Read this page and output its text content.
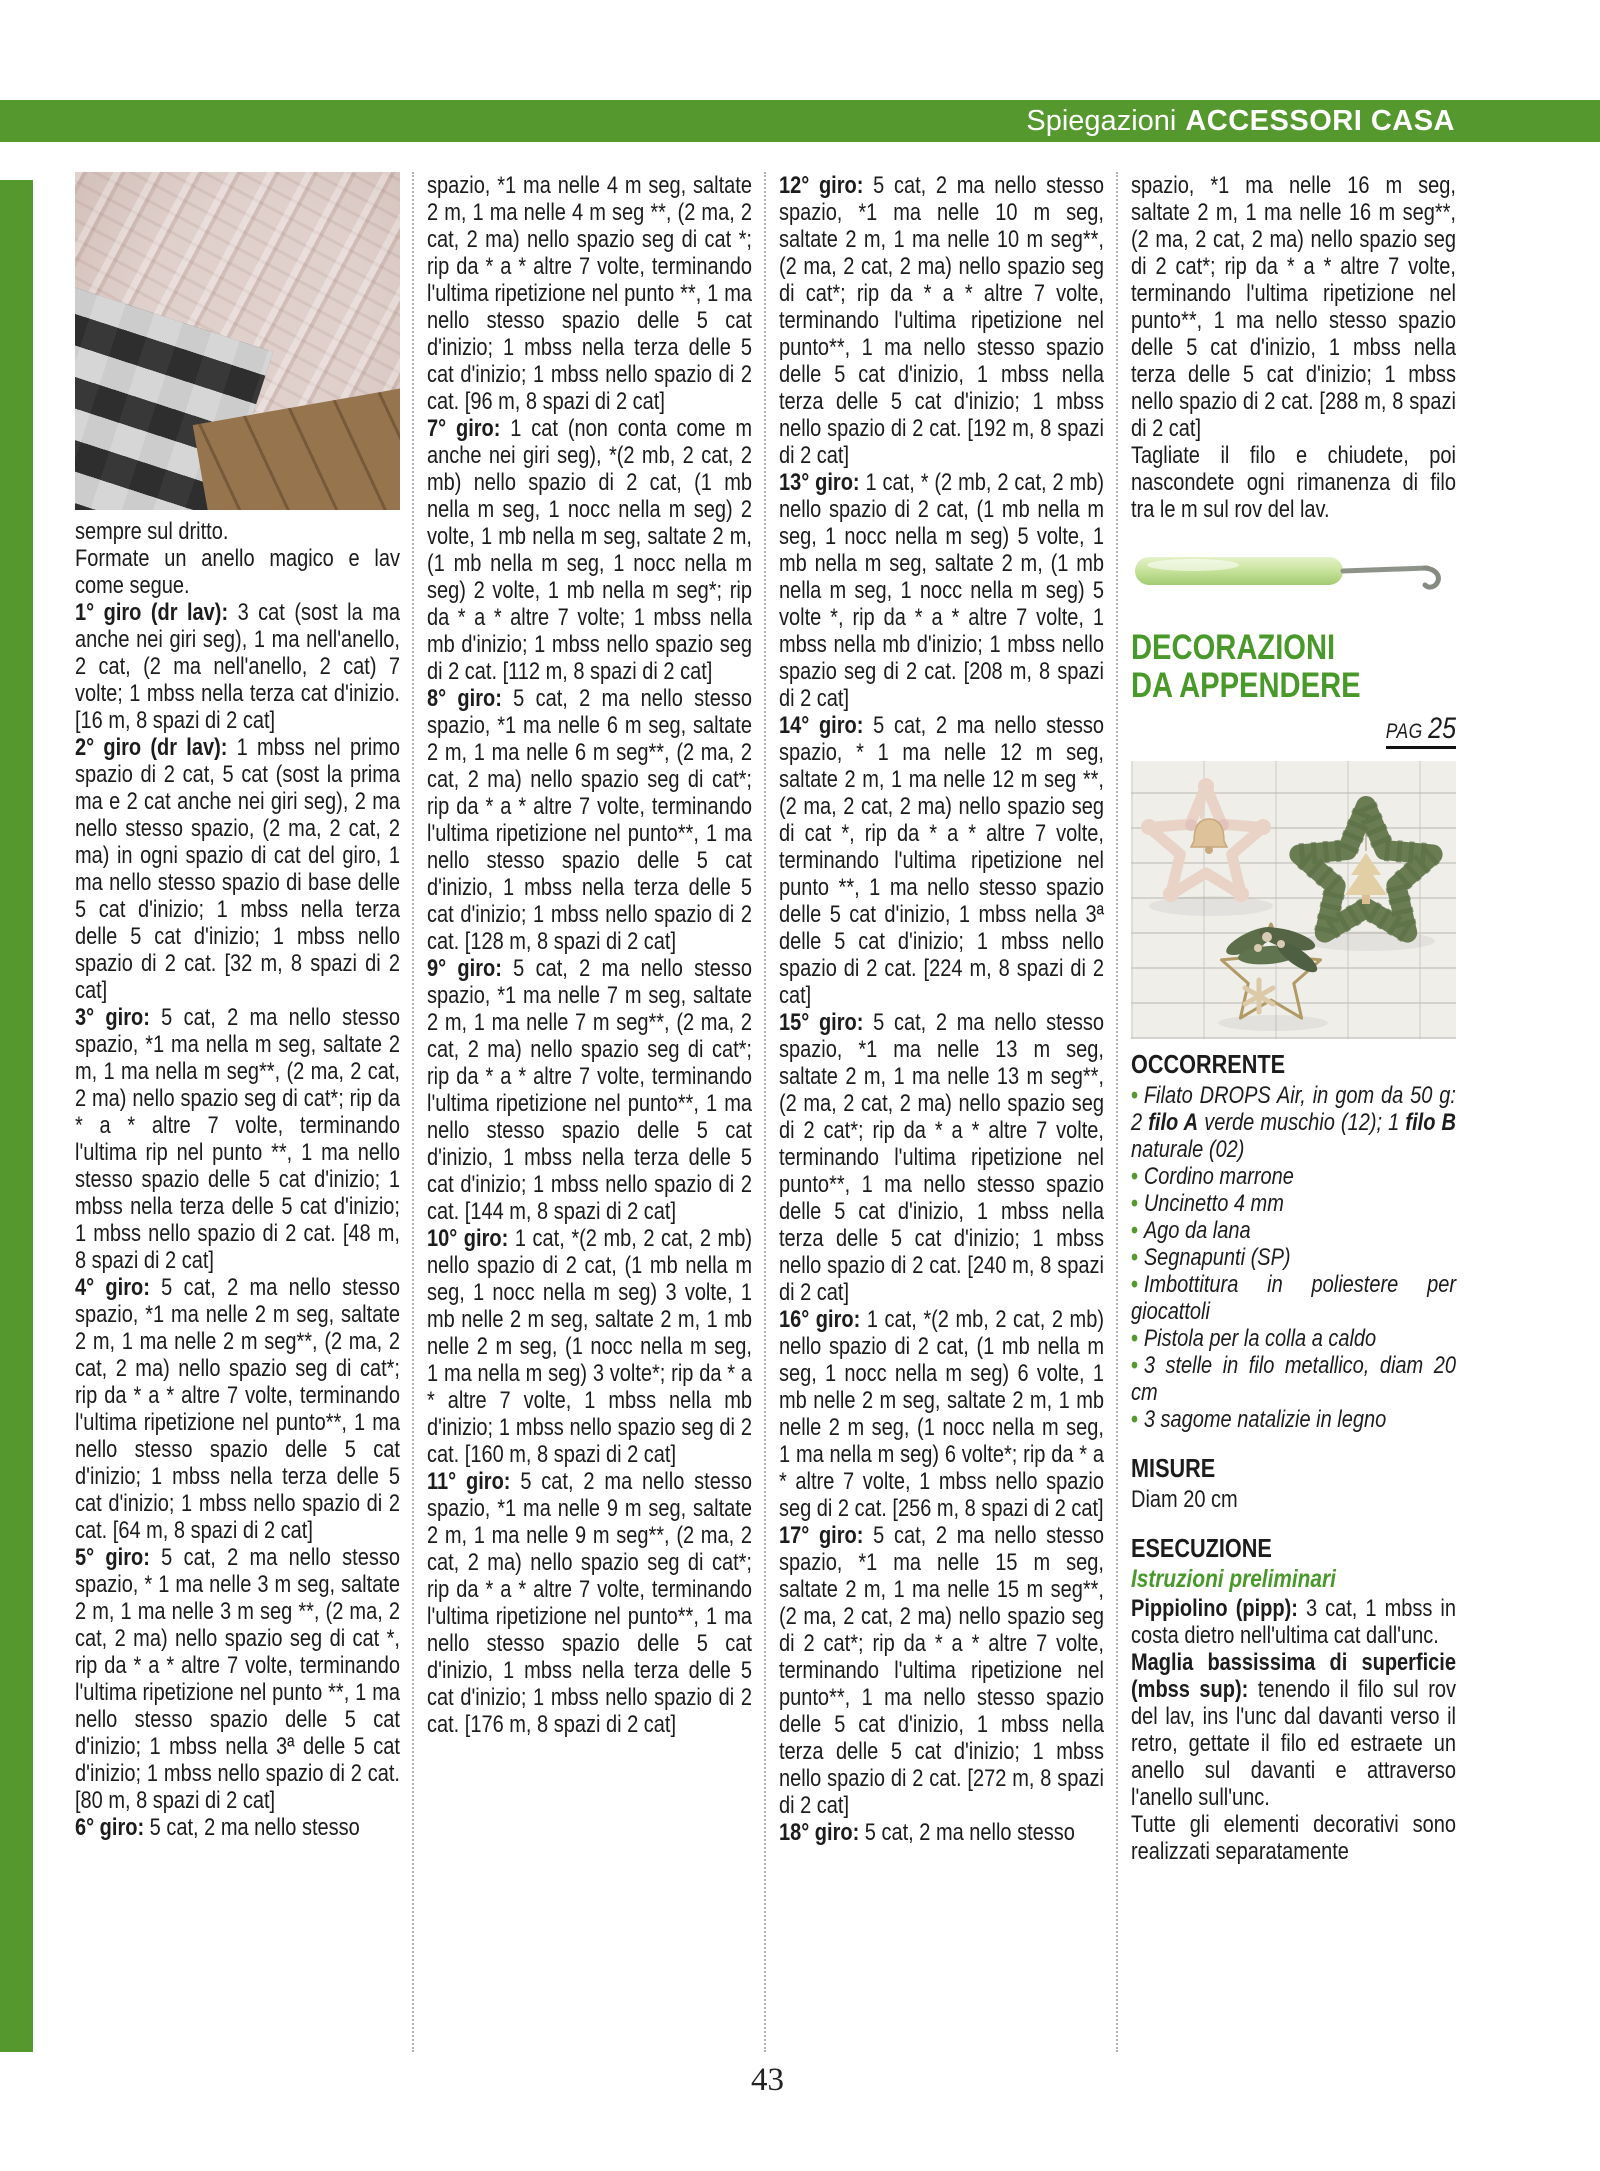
Spiegazioni ACCESSORI CASA

sempre sul dritto.

Formate un anello magico e lav come segue.

1° giro (dr lav): 3 cat (sost la ma anche nei giri seg), 1 ma nell'anello, 2 cat, (2 ma nell'anello, 2 cat) 7 volte; 1 mbss nella terza cat d'inizio. [16 m, 8 spazi di 2 cat]

2° giro (dr lav): 1 mbss nel primo spazio di 2 cat, 5 cat (sost la prima ma e 2 cat anche nei giri seg), 2 ma nello stesso spazio, (2 ma, 2 cat, 2 ma) in ogni spazio di cat del giro, 1 ma nello stesso spazio di base delle 5 cat d'inizio; 1 mbss nella terza delle 5 cat d'inizio; 1 mbss nello spazio di 2 cat. [32 m, 8 spazi di 2 cat]

3° giro: 5 cat, 2 ma nello stesso spazio, *1 ma nella m seg, saltate 2 m, 1 ma nella m seg**, (2 ma, 2 cat, 2 ma) nello spazio seg di cat*; rip da * a * altre 7 volte, terminando l'ultima rip nel punto **, 1 ma nello stesso spazio delle 5 cat d'inizio; 1 mbss nella terza delle 5 cat d'inizio; 1 mbss nello spazio di 2 cat. [48 m, 8 spazi di 2 cat]

4° giro: 5 cat, 2 ma nello stesso spazio, *1 ma nelle 2 m seg, saltate 2 m, 1 ma nelle 2 m seg**, (2 ma, 2 cat, 2 ma) nello spazio seg di cat*; rip da * a * altre 7 volte, terminando l'ultima ripetizione nel punto**, 1 ma nello stesso spazio delle 5 cat d'inizio; 1 mbss nella terza delle 5 cat d'inizio; 1 mbss nello spazio di 2 cat. [64 m, 8 spazi di 2 cat]

5° giro: 5 cat, 2 ma nello stesso spazio, * 1 ma nelle 3 m seg, saltate 2 m, 1 ma nelle 3 m seg **, (2 ma, 2 cat, 2 ma) nello spazio seg di cat *, rip da * a * altre 7 volte, terminando l'ultima ripetizione nel punto **, 1 ma nello stesso spazio delle 5 cat d'inizio; 1 mbss nella 3ª delle 5 cat d'inizio; 1 mbss nello spazio di 2 cat. [80 m, 8 spazi di 2 cat]

6° giro: 5 cat, 2 ma nello stesso

spazio, *1 ma nelle 4 m seg, saltate 2 m, 1 ma nelle 4 m seg **, (2 ma, 2 cat, 2 ma) nello spazio seg di cat *; rip da * a * altre 7 volte, terminando l'ultima ripetizione nel punto **, 1 ma nello stesso spazio delle 5 cat d'inizio; 1 mbss nella terza delle 5 cat d'inizio; 1 mbss nello spazio di 2 cat. [96 m, 8 spazi di 2 cat]

7° giro: 1 cat (non conta come m anche nei giri seg), *(2 mb, 2 cat, 2 mb) nello spazio di 2 cat, (1 mb nella m seg, 1 nocc nella m seg) 2 volte, 1 mb nella m seg, saltate 2 m, (1 mb nella m seg, 1 nocc nella m seg) 2 volte, 1 mb nella m seg*; rip da * a * altre 7 volte; 1 mbss nella mb d'inizio; 1 mbss nello spazio seg di 2 cat. [112 m, 8 spazi di 2 cat]

8° giro: 5 cat, 2 ma nello stesso spazio, *1 ma nelle 6 m seg, saltate 2 m, 1 ma nelle 6 m seg**, (2 ma, 2 cat, 2 ma) nello spazio seg di cat*; rip da * a * altre 7 volte, terminando l'ultima ripetizione nel punto**, 1 ma nello stesso spazio delle 5 cat d'inizio, 1 mbss nella terza delle 5 cat d'inizio; 1 mbss nello spazio di 2 cat. [128 m, 8 spazi di 2 cat]

9° giro: 5 cat, 2 ma nello stesso spazio, *1 ma nelle 7 m seg, saltate 2 m, 1 ma nelle 7 m seg**, (2 ma, 2 cat, 2 ma) nello spazio seg di cat*; rip da * a * altre 7 volte, terminando l'ultima ripetizione nel punto**, 1 ma nello stesso spazio delle 5 cat d'inizio, 1 mbss nella terza delle 5 cat d'inizio; 1 mbss nello spazio di 2 cat. [144 m, 8 spazi di 2 cat]

10° giro: 1 cat, *(2 mb, 2 cat, 2 mb) nello spazio di 2 cat, (1 mb nella m seg, 1 nocc nella m seg) 3 volte, 1 mb nelle 2 m seg, saltate 2 m, 1 mb nelle 2 m seg, (1 nocc nella m seg, 1 ma nella m seg) 3 volte*; rip da * a * altre 7 volte, 1 mbss nella mb d'inizio; 1 mbss nello spazio seg di 2 cat. [160 m, 8 spazi di 2 cat]

11° giro: 5 cat, 2 ma nello stesso spazio, *1 ma nelle 9 m seg, saltate 2 m, 1 ma nelle 9 m seg**, (2 ma, 2 cat, 2 ma) nello spazio seg di cat*; rip da * a * altre 7 volte, terminando l'ultima ripetizione nel punto**, 1 ma nello stesso spazio delle 5 cat d'inizio, 1 mbss nella terza delle 5 cat d'inizio; 1 mbss nello spazio di 2 cat. [176 m, 8 spazi di 2 cat]

12° giro: 5 cat, 2 ma nello stesso spazio, *1 ma nelle 10 m seg, saltate 2 m, 1 ma nelle 10 m seg**, (2 ma, 2 cat, 2 ma) nello spazio seg di cat*; rip da * a * altre 7 volte, terminando l'ultima ripetizione nel punto**, 1 ma nello stesso spazio delle 5 cat d'inizio, 1 mbss nella terza delle 5 cat d'inizio; 1 mbss nello spazio di 2 cat. [192 m, 8 spazi di 2 cat]

13° giro: 1 cat, * (2 mb, 2 cat, 2 mb) nello spazio di 2 cat, (1 mb nella m seg, 1 nocc nella m seg) 5 volte, 1 mb nella m seg, saltate 2 m, (1 mb nella m seg, 1 nocc nella m seg) 5 volte *, rip da * a * altre 7 volte, 1 mbss nella mb d'inizio; 1 mbss nello spazio seg di 2 cat. [208 m, 8 spazi di 2 cat]

14° giro: 5 cat, 2 ma nello stesso spazio, * 1 ma nelle 12 m seg, saltate 2 m, 1 ma nelle 12 m seg **, (2 ma, 2 cat, 2 ma) nello spazio seg di cat *, rip da * a * altre 7 volte, terminando l'ultima ripetizione nel punto **, 1 ma nello stesso spazio delle 5 cat d'inizio, 1 mbss nella 3ª delle 5 cat d'inizio; 1 mbss nello spazio di 2 cat. [224 m, 8 spazi di 2 cat]

15° giro: 5 cat, 2 ma nello stesso spazio, *1 ma nelle 13 m seg, saltate 2 m, 1 ma nelle 13 m seg**, (2 ma, 2 cat, 2 ma) nello spazio seg di 2 cat*; rip da * a * altre 7 volte, terminando l'ultima ripetizione nel punto**, 1 ma nello stesso spazio delle 5 cat d'inizio, 1 mbss nella terza delle 5 cat d'inizio; 1 mbss nello spazio di 2 cat. [240 m, 8 spazi di 2 cat]

16° giro: 1 cat, *(2 mb, 2 cat, 2 mb) nello spazio di 2 cat, (1 mb nella m seg, 1 nocc nella m seg) 6 volte, 1 mb nelle 2 m seg, saltate 2 m, 1 mb nelle 2 m seg, (1 nocc nella m seg, 1 ma nella m seg) 6 volte*; rip da * a * altre 7 volte, 1 mbss nello spazio seg di 2 cat. [256 m, 8 spazi di 2 cat]

17° giro: 5 cat, 2 ma nello stesso spazio, *1 ma nelle 15 m seg, saltate 2 m, 1 ma nelle 15 m seg**, (2 ma, 2 cat, 2 ma) nello spazio seg di 2 cat*; rip da * a * altre 7 volte, terminando l'ultima ripetizione nel punto**, 1 ma nello stesso spazio delle 5 cat d'inizio, 1 mbss nella terza delle 5 cat d'inizio; 1 mbss nello spazio di 2 cat. [272 m, 8 spazi di 2 cat]

18° giro: 5 cat, 2 ma nello stesso

spazio, *1 ma nelle 16 m seg, saltate 2 m, 1 ma nelle 16 m seg**, (2 ma, 2 cat, 2 ma) nello spazio seg di 2 cat*; rip da * a * altre 7 volte, terminando l'ultima ripetizione nel punto**, 1 ma nello stesso spazio delle 5 cat d'inizio, 1 mbss nella terza delle 5 cat d'inizio; 1 mbss nello spazio di 2 cat. [288 m, 8 spazi di 2 cat]

Tagliate il filo e chiudete, poi nascondete ogni rimanenza di filo tra le m sul rov del lav.

DECORAZIONI
DA APPENDERE
PAG 25
OCCORRENTE

• Filato DROPS Air, in gom da 50 g: 2 filo A verde muschio (12); 1 filo B naturale (02)

• Cordino marrone

• Uncinetto 4 mm

• Ago da lana

• Segnapunti (SP)

• Imbottitura in poliestere per giocattoli

• Pistola per la colla a caldo

• 3 stelle in filo metallico, diam 20 cm

• 3 sagome natalizie in legno

MISURE

Diam 20 cm

ESECUZIONE
Istruzioni preliminari

Pippiolino (pipp): 3 cat, 1 mbss in costa dietro nell'ultima cat dall'unc.

Maglia bassissima di superficie (mbss sup): tenendo il filo sul rov del lav, ins l'unc dal davanti verso il retro, gettate il filo ed estraete un anello sul davanti e attraverso l'anello sull'unc.

Tutte gli elementi decorativi sono realizzati separatamente

43
